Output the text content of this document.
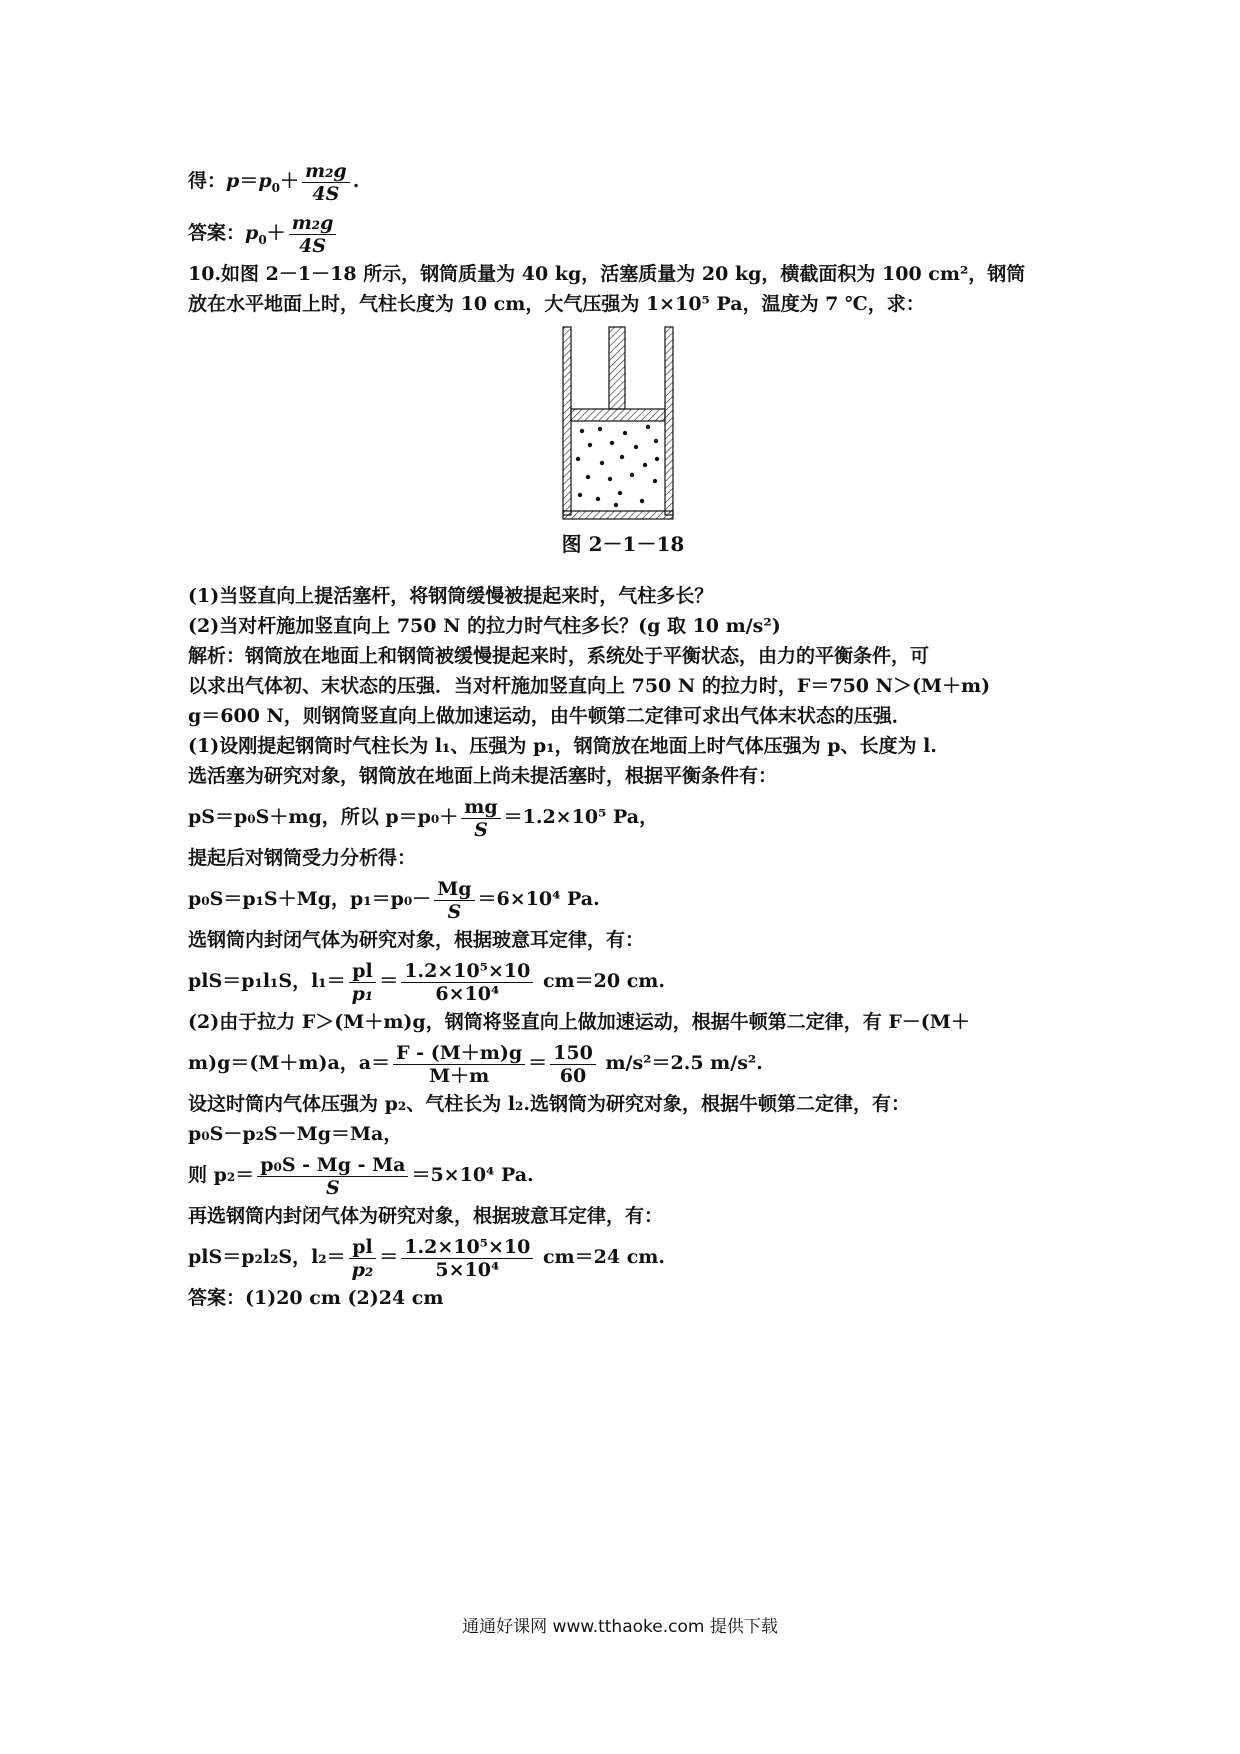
得：$p=p_0+ \frac{\text{m₂g}}{4S}$ .
答案：$p_0+ \frac{\text{m₂g}}{4S}$
10.如图 2－1－18 所示，钢筒质量为 40 kg，活塞质量为 20 kg，横截面积为 100 cm²，钢筒
放在水平地面上时，气柱长度为 10 cm，大气压强为 1×10⁵ Pa，温度为 7 ℃，求：
图 2－1－18
(1)当竖直向上提活塞杆，将钢筒缓慢被提起来时，气柱多长？
(2)当对杆施加竖直向上 750 N 的拉力时气柱多长？(g 取 10 m/s²)
解析：钢筒放在地面上和钢筒被缓慢提起来时，系统处于平衡状态，由力的平衡条件，可
以求出气体初、末状态的压强．当对杆施加竖直向上 750 N 的拉力时，F＝750 N＞(M＋m)
g＝600 N，则钢筒竖直向上做加速运动，由牛顿第二定律可求出气体末状态的压强．
(1)设刚提起钢筒时气柱长为 l₁、压强为 p₁，钢筒放在地面上时气体压强为 p、长度为 l.
选活塞为研究对象，钢筒放在地面上尚未提活塞时，根据平衡条件有：
pS＝p₀S＋mg，所以 $p=p_0+ \frac{mg}{S} =1.2\times 10^5$ Pa，
提起后对钢筒受力分析得：
p₀S＝p₁S＋Mg，$p_1=p_0- \frac{Mg}{S} =6\times 10^4$ Pa.
选钢筒内封闭气体为研究对象，根据玻意耳定律，有：
plS＝p₁l₁S，$l_1= \frac{pl}{\text{p₁}} = \frac{\text{1.2×10⁵×10}}{\text{6×10⁴}} cm=20$ cm.
(2)由于拉力 F＞(M＋m)g，钢筒将竖直向上做加速运动，根据牛顿第二定律，有 F－(M＋
m)g＝(M＋m)a，$a= \frac{F - (M+m)g}{M+m} = \frac{150}{60} m/s^2=2.5$ m/s².
设这时筒内气体压强为 p₂、气柱长为 l₂.选钢筒为研究对象，根据牛顿第二定律，有：
p₀S－p₂S－Mg＝Ma，
则 $p_2= \frac{\text{p₀S - Mg - Ma}}{S} =5\times 10^4$ Pa.
再选钢筒内封闭气体为研究对象，根据玻意耳定律，有：
plS＝p₂l₂S，$l_2= \frac{pl}{\text{p₂}} = \frac{\text{1.2×10⁵×10}}{\text{5×10⁴}} cm=24$ cm.
答案：(1)20 cm (2)24 cm
通通好课网 www.tthaoke.com 提供下载
